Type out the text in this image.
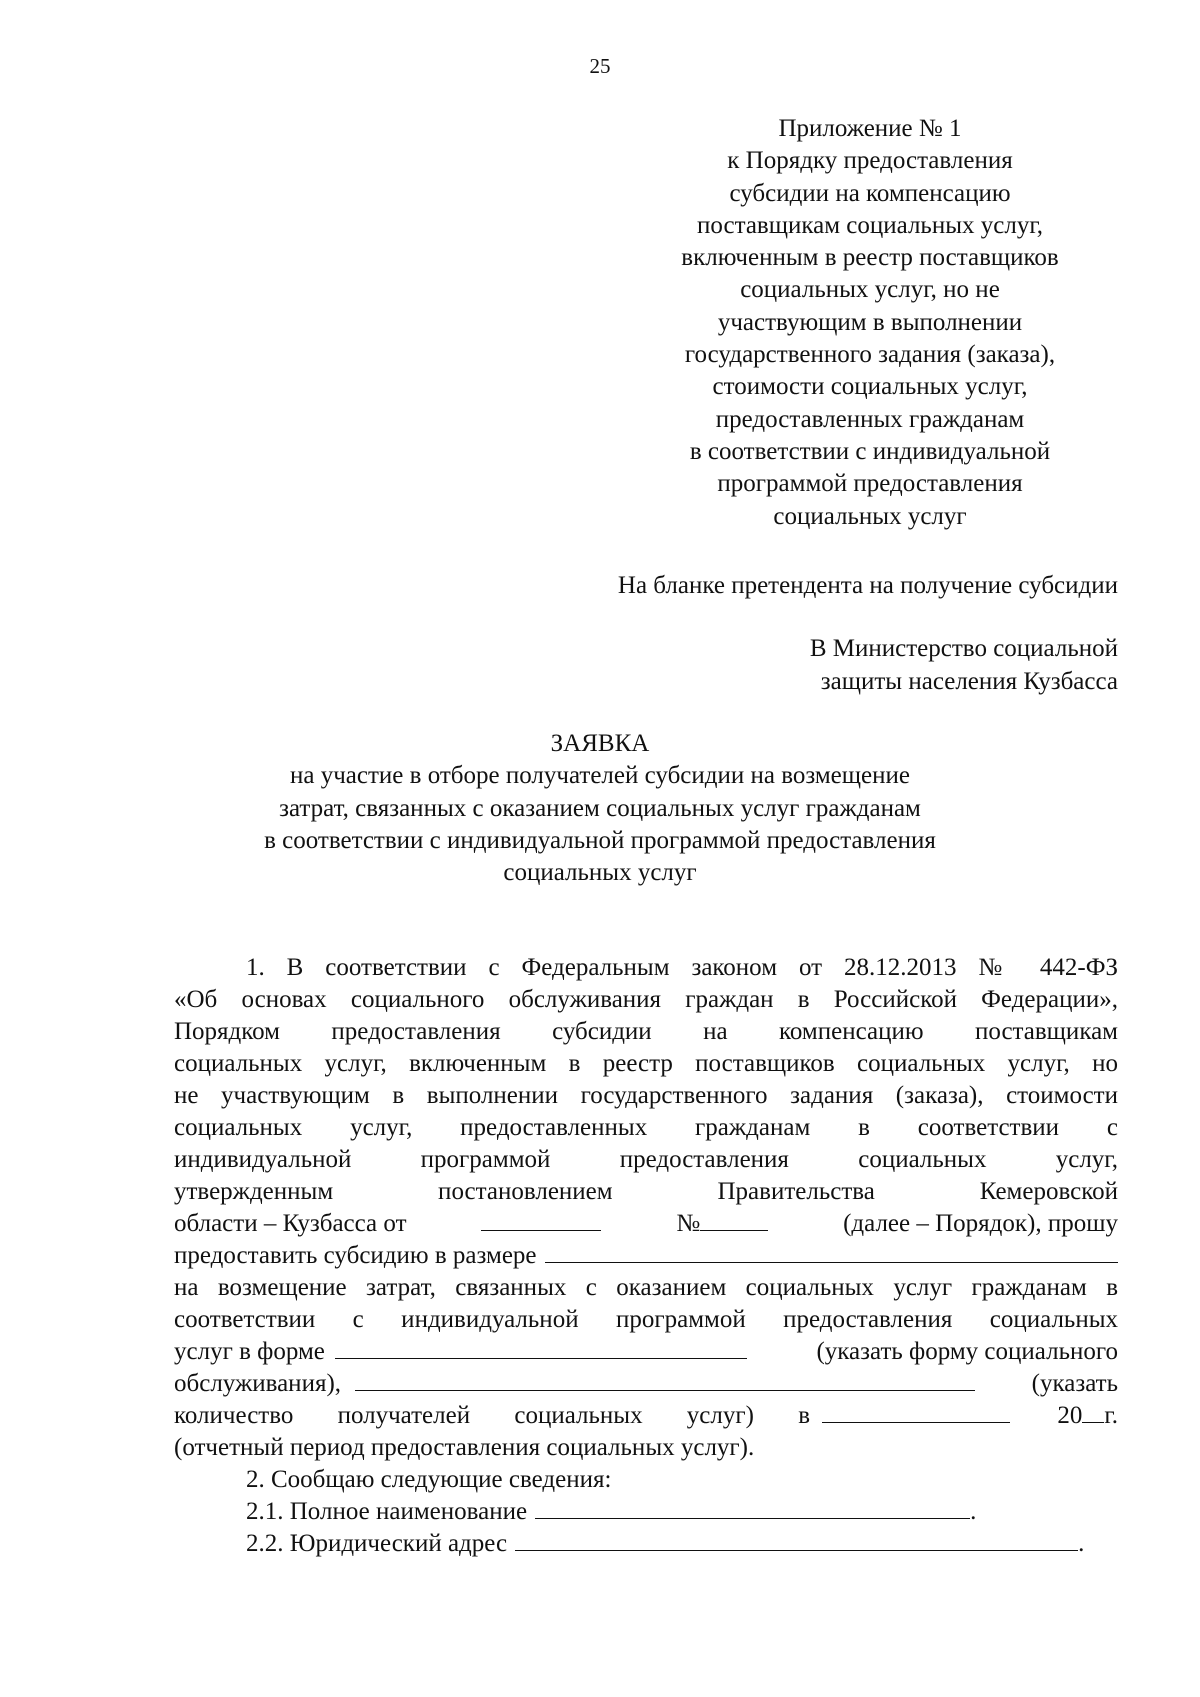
25
Приложение № 1
к Порядку предоставления
субсидии на компенсацию
поставщикам социальных услуг,
включенным в реестр поставщиков
социальных услуг, но не
участвующим в выполнении
государственного задания (заказа),
стоимости социальных услуг,
предоставленных гражданам
в соответствии с индивидуальной
программой предоставления
социальных услуг
На бланке претендента на получение субсидии
В Министерство социальной
защиты населения Кузбасса
ЗАЯВКА
на участие в отборе получателей субсидии на возмещение
затрат, связанных с оказанием социальных услуг гражданам
в соответствии с индивидуальной программой предоставления
социальных услуг
1. В соответствии с Федеральным законом от 28.12.2013 № 442-ФЗ
«Об основах социального обслуживания граждан в Российской Федерации»,
Порядком предоставления субсидии на компенсацию поставщикам
социальных услуг, включенным в реестр поставщиков социальных услуг, но
не участвующим в выполнении государственного задания (заказа), стоимости
социальных услуг, предоставленных гражданам в соответствии с
индивидуальной программой предоставления социальных услуг,
утвержденным постановлением Правительства Кемеровской
области – Кузбасса от	№	(далее – Порядок), прошу
предоставить субсидию в размере
на возмещение затрат, связанных с оказанием социальных услуг гражданам в
соответствии с индивидуальной программой предоставления социальных
услуг в форме	(указать форму социального
обслуживания),	(указать
количество получателей социальных услуг) в	20 г.
(отчетный период предоставления социальных услуг).
2. Сообщаю следующие сведения:
2.1. Полное наименование	.
2.2. Юридический адрес	.
